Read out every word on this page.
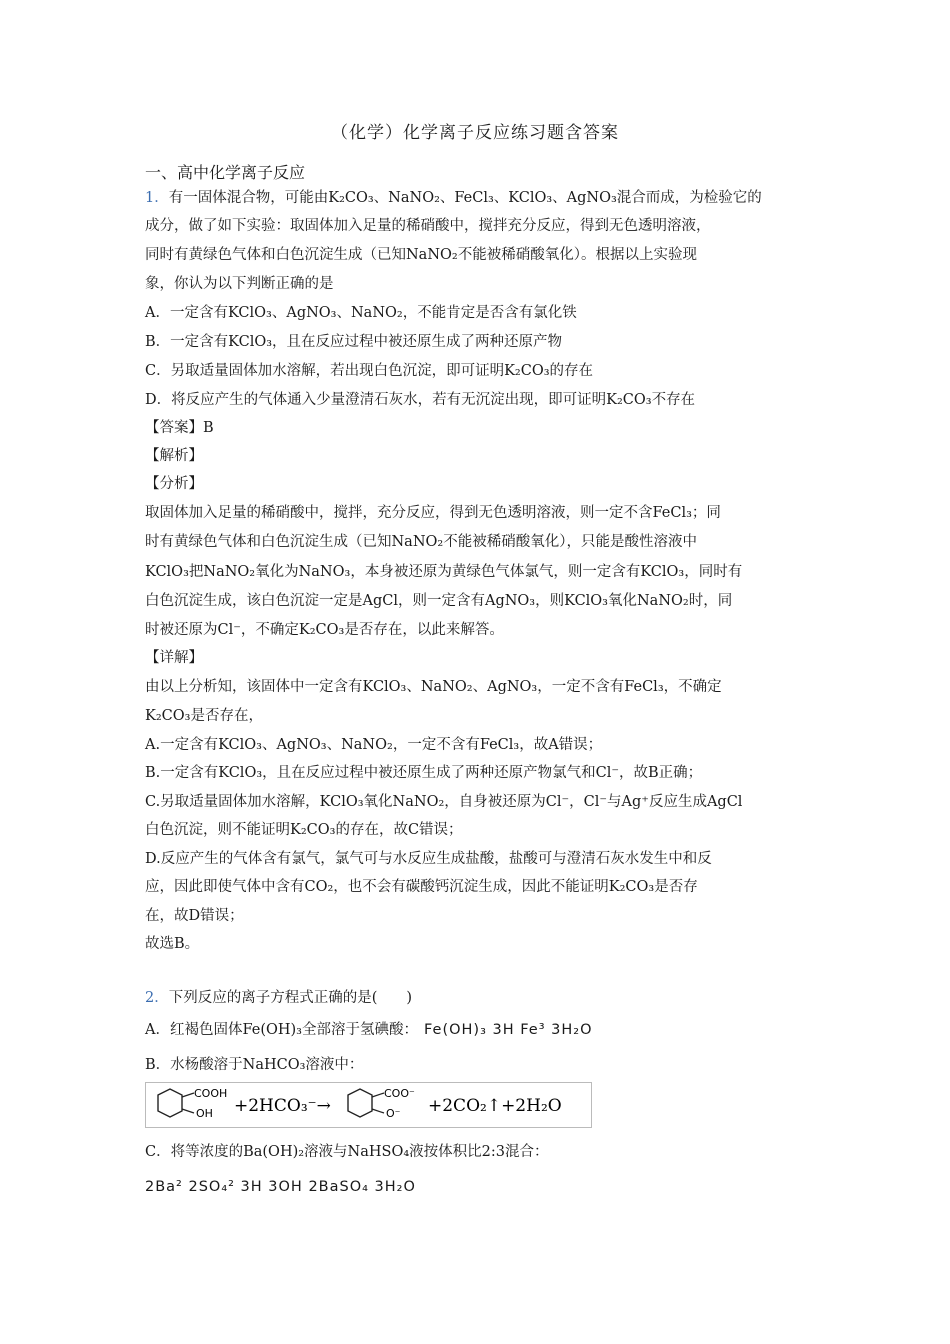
（化学）化学离子反应练习题含答案
一、高中化学离子反应
1．有一固体混合物，可能由K₂CO₃、NaNO₂、FeCl₃、KClO₃、AgNO₃混合而成，为检验它的
成分，做了如下实验：取固体加入足量的稀硝酸中，搅拌充分反应，得到无色透明溶液，
同时有黄绿色气体和白色沉淀生成（已知NaNO₂不能被稀硝酸氧化）。根据以上实验现
象，你认为以下判断正确的是
A．一定含有KClO₃、AgNO₃、NaNO₂，不能肯定是否含有氯化铁
B．一定含有KClO₃，且在反应过程中被还原生成了两种还原产物
C．另取适量固体加水溶解，若出现白色沉淀，即可证明K₂CO₃的存在
D．将反应产生的气体通入少量澄清石灰水，若有无沉淀出现，即可证明K₂CO₃不存在
【答案】B
【解析】
【分析】
取固体加入足量的稀硝酸中，搅拌，充分反应，得到无色透明溶液，则一定不含FeCl₃；同
时有黄绿色气体和白色沉淀生成（已知NaNO₂不能被稀硝酸氧化），只能是酸性溶液中
KClO₃把NaNO₂氧化为NaNO₃，本身被还原为黄绿色气体氯气，则一定含有KClO₃，同时有
白色沉淀生成，该白色沉淀一定是AgCl，则一定含有AgNO₃，则KClO₃氧化NaNO₂时，同
时被还原为Cl⁻，不确定K₂CO₃是否存在，以此来解答。
【详解】
由以上分析知，该固体中一定含有KClO₃、NaNO₂、AgNO₃，一定不含有FeCl₃，不确定
K₂CO₃是否存在，
A.一定含有KClO₃、AgNO₃、NaNO₂，一定不含有FeCl₃，故A错误；
B.一定含有KClO₃，且在反应过程中被还原生成了两种还原产物氯气和Cl⁻，故B正确；
C.另取适量固体加水溶解，KClO₃氧化NaNO₂，自身被还原为Cl⁻，Cl⁻与Ag⁺反应生成AgCl
白色沉淀，则不能证明K₂CO₃的存在，故C错误；
D.反应产生的气体含有氯气，氯气可与水反应生成盐酸，盐酸可与澄清石灰水发生中和反
应，因此即使气体中含有CO₂，也不会有碳酸钙沉淀生成，因此不能证明K₂CO₃是否存
在，故D错误；
故选B。
2．下列反应的离子方程式正确的是(　　)
A．红褐色固体Fe(OH)₃全部溶于氢碘酸： Fe(OH)₃ 3H Fe³ 3H₂O
B．水杨酸溶于NaHCO₃溶液中：
COOH
OH +2HCO₃⁻→
COO⁻
O⁻ +2CO₂↑+2H₂O
C．将等浓度的Ba(OH)₂溶液与NaHSO₄液按体积比2:3混合：
2Ba² 2SO₄² 3H 3OH 2BaSO₄ 3H₂O
